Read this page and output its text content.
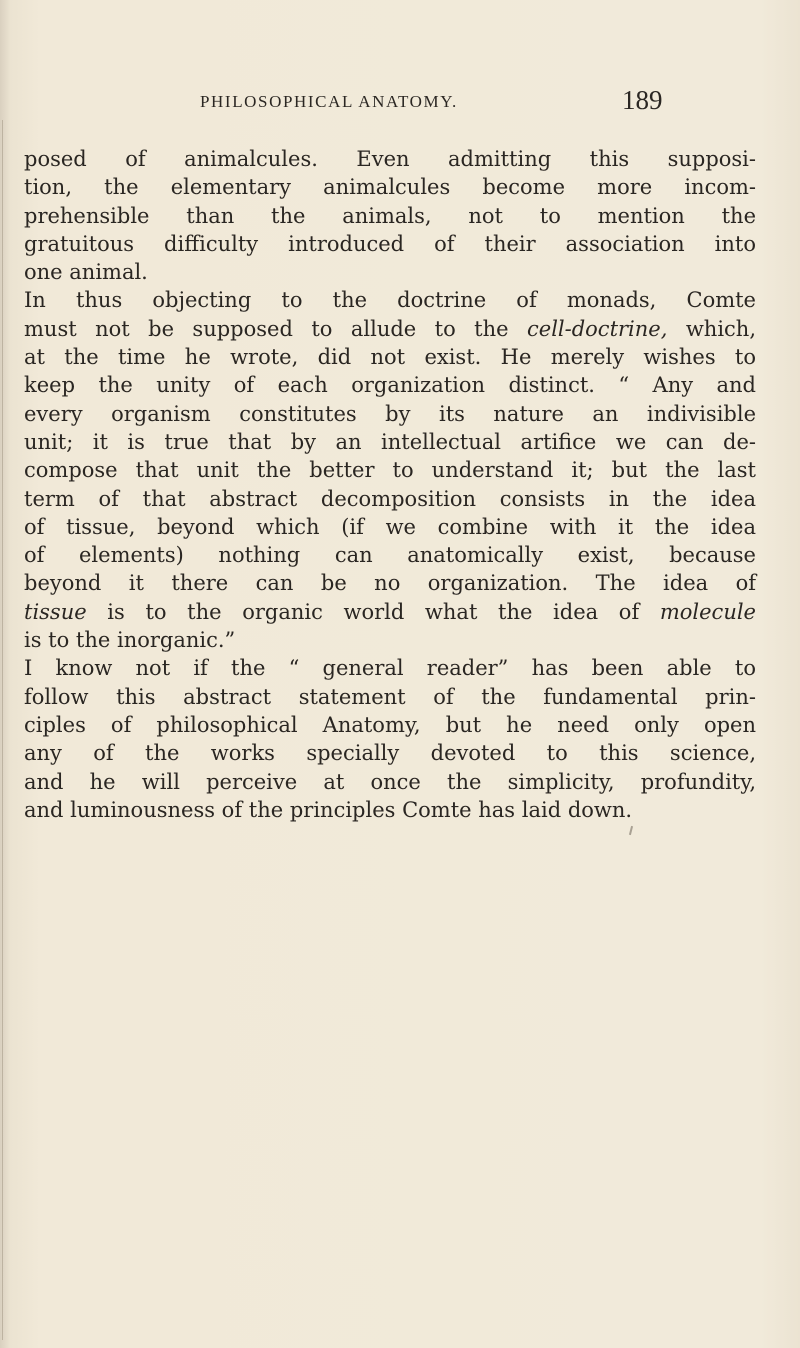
PHILOSOPHICAL ANATOMY.	189
posed of animalcules. Even admitting this supposi-
tion, the elementary animalcules become more incom-
prehensible than the animals, not to mention the
gratuitous difficulty introduced of their association into
one animal.
In thus objecting to the doctrine of monads, Comte
must not be supposed to allude to the cell-doctrine, which,
at the time he wrote, did not exist. He merely wishes to
keep the unity of each organization distinct. “ Any and
every organism constitutes by its nature an indivisible
unit; it is true that by an intellectual artifice we can de-
compose that unit the better to understand it; but the last
term of that abstract decomposition consists in the idea
of tissue, beyond which (if we combine with it the idea
of elements) nothing can anatomically exist, because
beyond it there can be no organization. The idea of
tissue is to the organic world what the idea of molecule
is to the inorganic.”
I know not if the “ general reader” has been able to
follow this abstract statement of the fundamental prin-
ciples of philosophical Anatomy, but he need only open
any of the works specially devoted to this science,
and he will perceive at once the simplicity, profundity,
and luminousness of the principles Comte has laid down.
